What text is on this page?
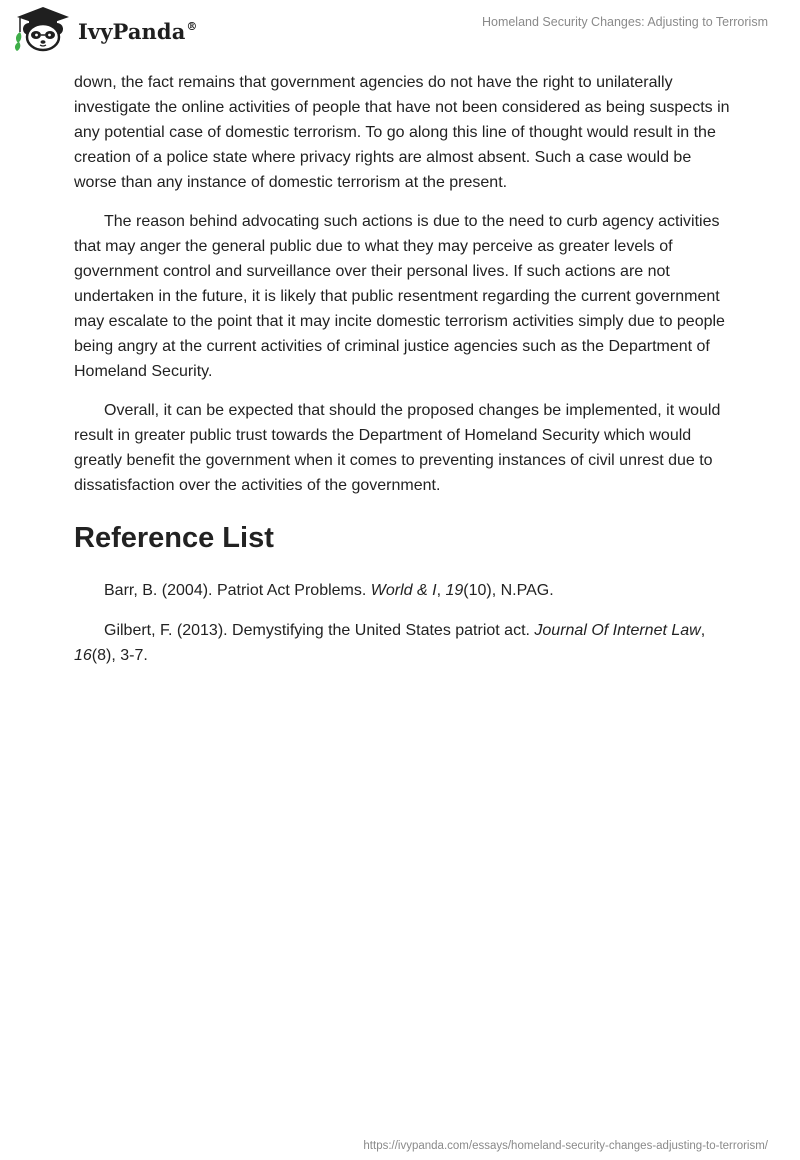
IvyPanda®	Homeland Security Changes: Adjusting to Terrorism

down, the fact remains that government agencies do not have the right to unilaterally investigate the online activities of people that have not been considered as being suspects in any potential case of domestic terrorism. To go along this line of thought would result in the creation of a police state where privacy rights are almost absent. Such a case would be worse than any instance of domestic terrorism at the present.

The reason behind advocating such actions is due to the need to curb agency activities that may anger the general public due to what they may perceive as greater levels of government control and surveillance over their personal lives. If such actions are not undertaken in the future, it is likely that public resentment regarding the current government may escalate to the point that it may incite domestic terrorism activities simply due to people being angry at the current activities of criminal justice agencies such as the Department of Homeland Security.

Overall, it can be expected that should the proposed changes be implemented, it would result in greater public trust towards the Department of Homeland Security which would greatly benefit the government when it comes to preventing instances of civil unrest due to dissatisfaction over the activities of the government.

Reference List

Barr, B. (2004). Patriot Act Problems. World & I, 19(10), N.PAG.

Gilbert, F. (2013). Demystifying the United States patriot act. Journal Of Internet Law, 16(8), 3-7.

https://ivypanda.com/essays/homeland-security-changes-adjusting-to-terrorism/
